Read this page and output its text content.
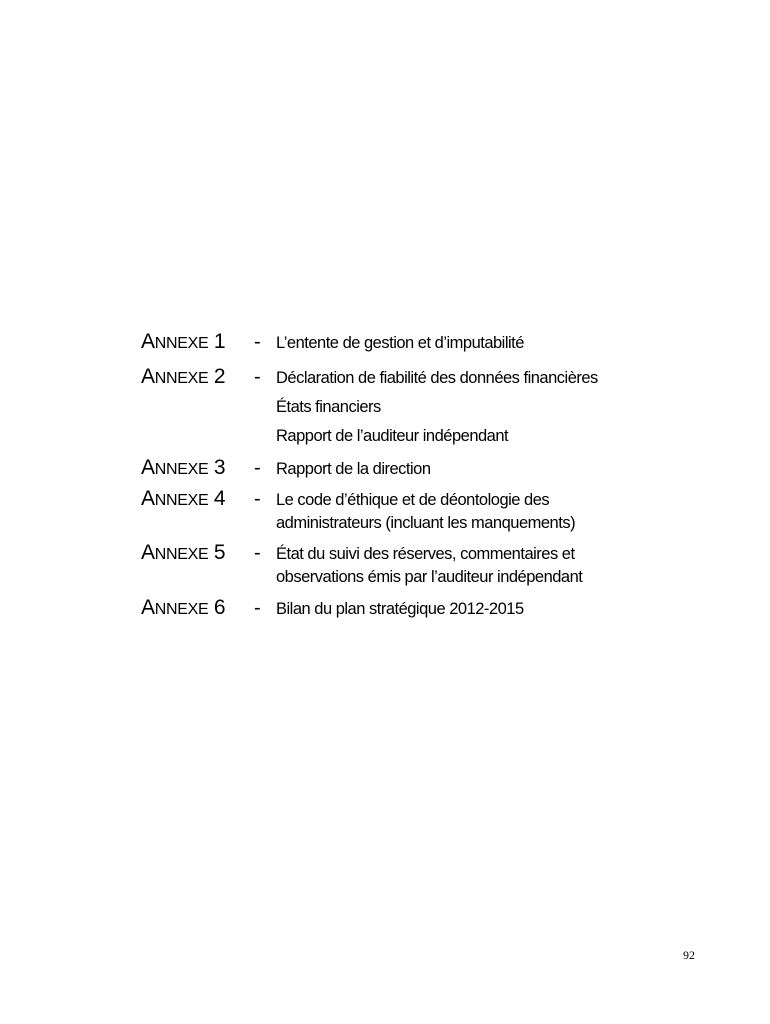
ANNEXE 1 - L’entente de gestion et d’imputabilité
ANNEXE 2 - Déclaration de fiabilité des données financières
États financiers
Rapport de l’auditeur indépendant
ANNEXE 3 - Rapport de la direction
ANNEXE 4 - Le code d’éthique et de déontologie des
administrateurs (incluant les manquements)
ANNEXE 5 - État du suivi des réserves, commentaires et
observations émis par l’auditeur indépendant
ANNEXE 6 - Bilan du plan stratégique 2012-2015
92
